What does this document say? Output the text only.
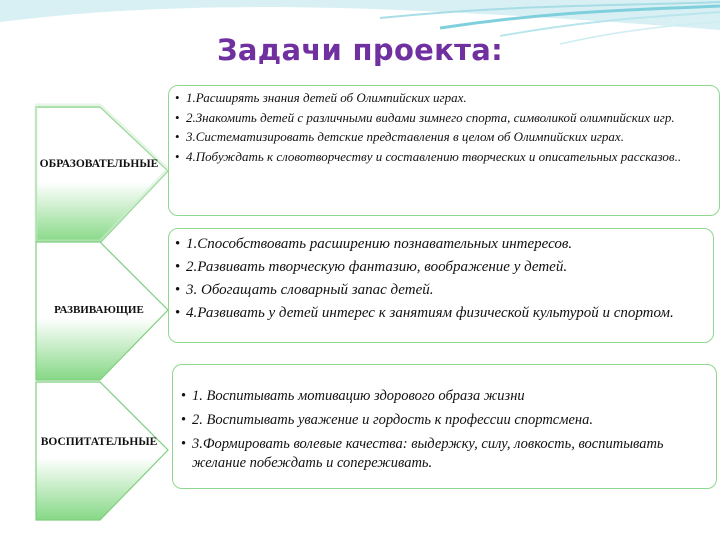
Задачи проекта:
ОБРАЗОВАТЕЛЬНЫЕ
• 1.Расширять знания детей об Олимпийских играх.
• 2.Знакомить детей с различными видами зимнего спорта, символикой олимпийских игр.
• 3.Систематизировать детские представления в целом об Олимпийских играх.
• 4.Побуждать к словотворчеству и составлению творческих и описательных рассказов..
РАЗВИВАЮЩИЕ
• 1.Способствовать расширению познавательных интересов.
• 2.Развивать творческую фантазию, воображение у детей.
• 3. Обогащать словарный запас детей.
• 4.Развивать у детей интерес к занятиям физической культурой и спортом.
ВОСПИТАТЕЛЬНЫЕ
• 1. Воспитывать мотивацию здорового образа жизни
• 2. Воспитывать уважение и гордость к профессии спортсмена.
• 3.Формировать волевые качества: выдержку, силу, ловкость, воспитывать желание побеждать и сопереживать.
